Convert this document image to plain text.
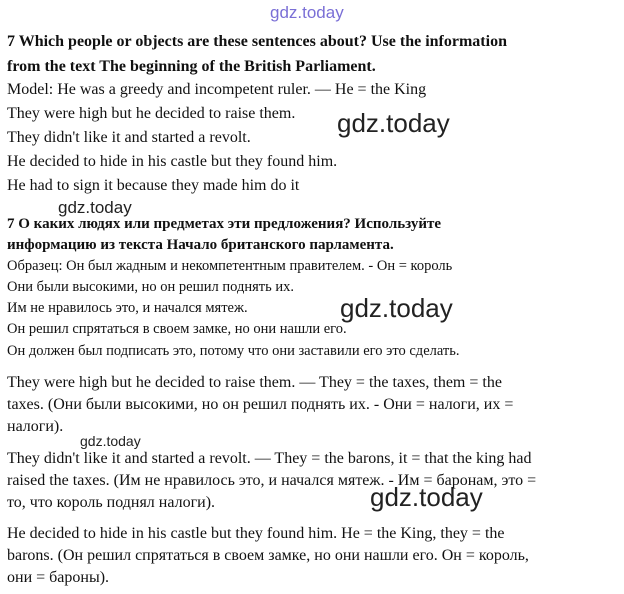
gdz.today
gdz.today
gdz.today
gdz.today
gdz.today
gdz.today
7 Which people or objects are these sentences about? Use the information
from the text The beginning of the British Parliament.
Model: He was a greedy and incompetent ruler. — He = the King
They were high but he decided to raise them.
They didn't like it and started a revolt.
He decided to hide in his castle but they found him.
He had to sign it because they made him do it
7 О каких людях или предметах эти предложения? Используйте
информацию из текста Начало британского парламента.
Образец: Он был жадным и некомпетентным правителем. - Он = король
Они были высокими, но он решил поднять их.
Им не нравилось это, и начался мятеж.
Он решил спрятаться в своем замке, но они нашли его.
Он должен был подписать это, потому что они заставили его это сделать.
They were high but he decided to raise them. — They = the taxes, them = the
taxes. (Они были высокими, но он решил поднять их. - Они = налоги, их =
налоги).
They didn't like it and started a revolt. — They = the barons, it = that the king had
raised the taxes. (Им не нравилось это, и начался мятеж. - Им = баронам, это =
то, что король поднял налоги).
He decided to hide in his castle but they found him. He = the King, they = the
barons. (Он решил спрятаться в своем замке, но они нашли его. Он = король,
они = бароны).
